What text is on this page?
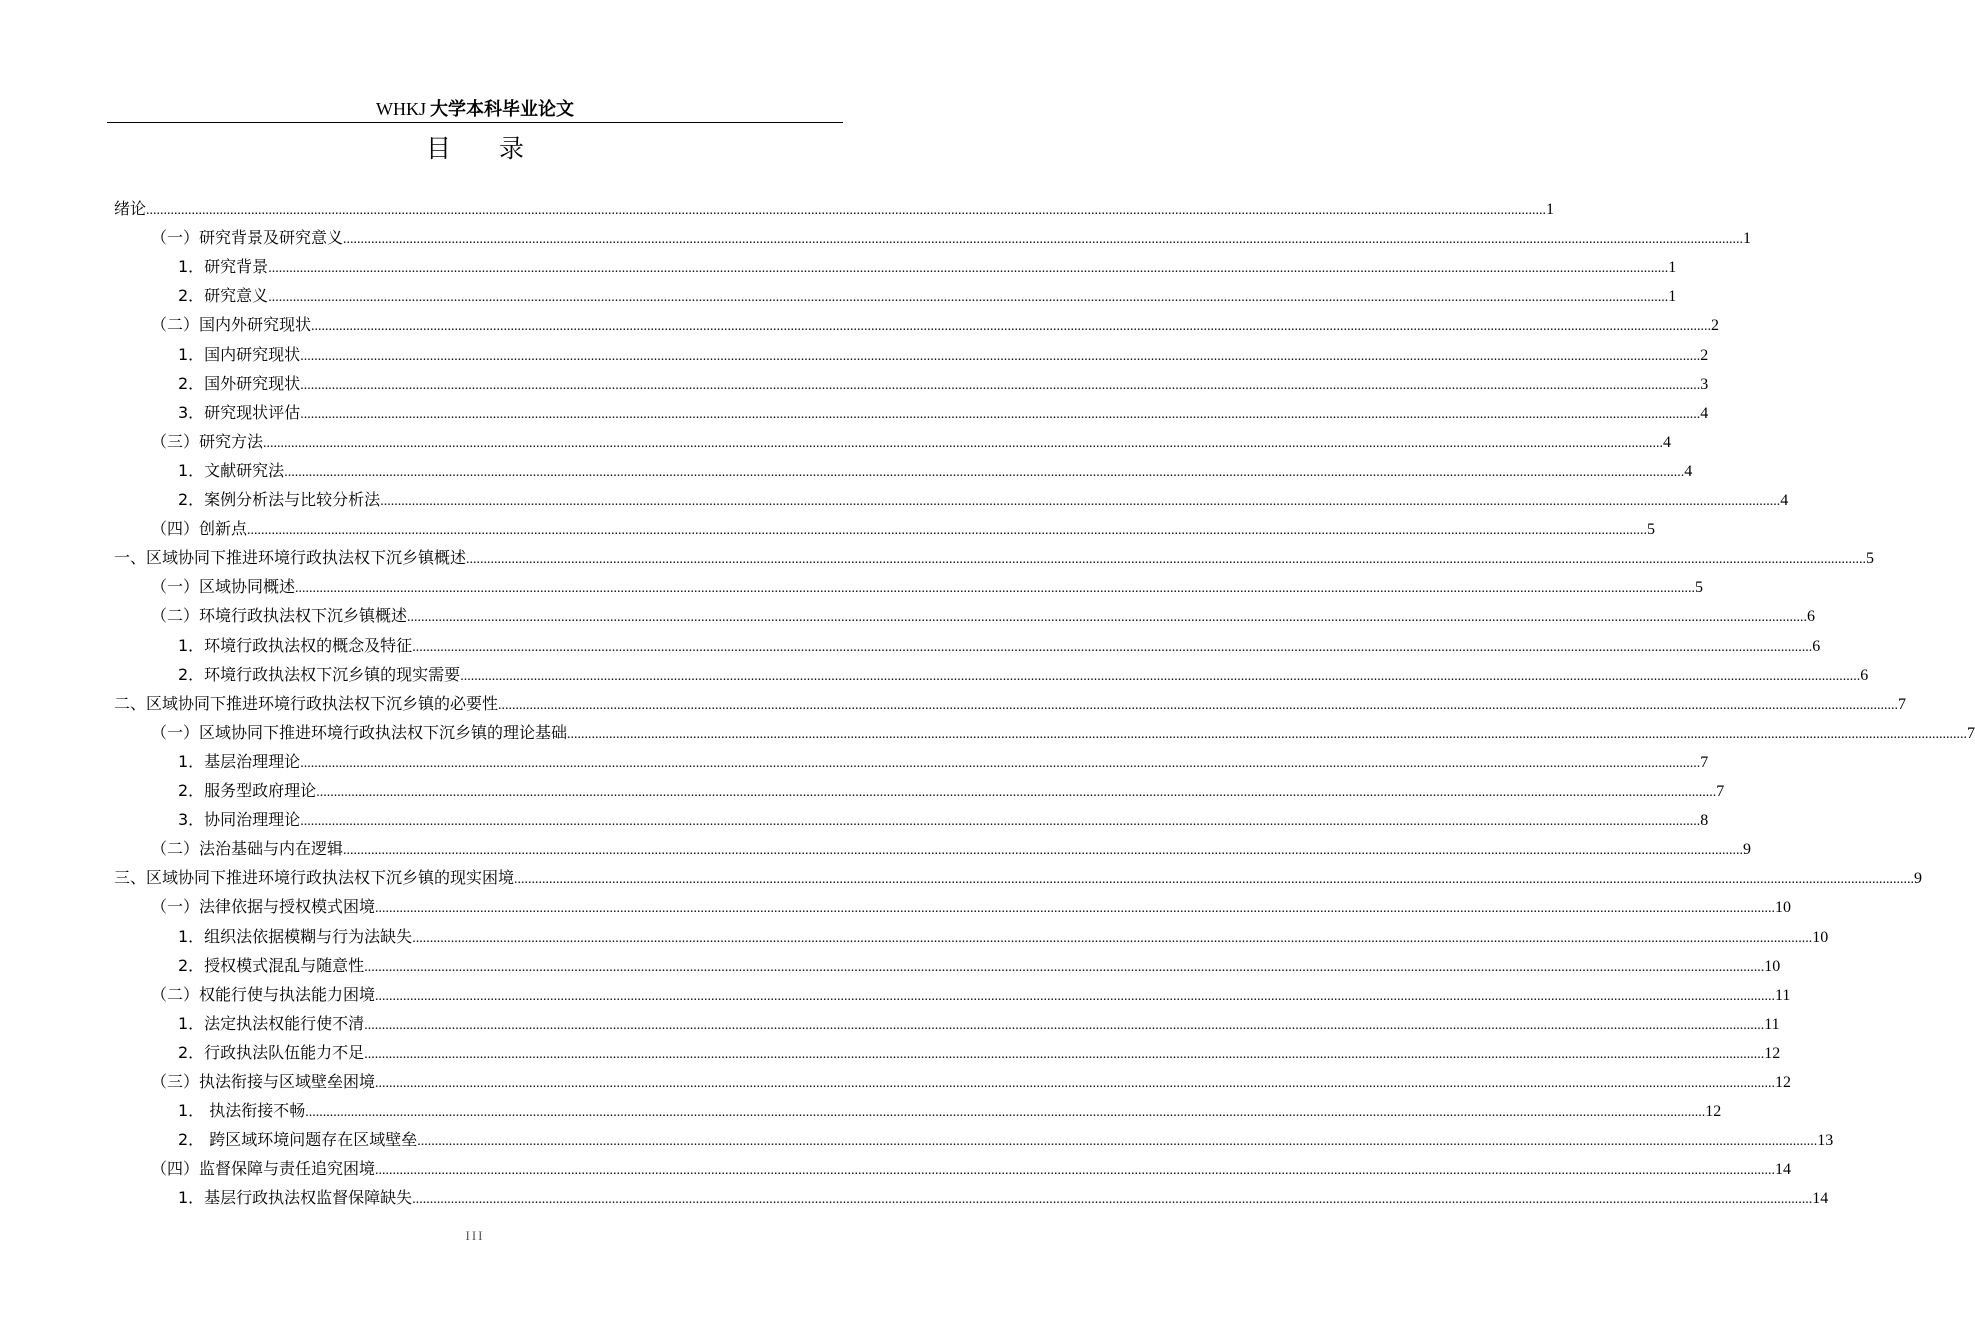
WHKJ 大学本科毕业论文
目 录
绪论 ................................................................................................................................................................................................................................................................................................................................................................................................................ 1
（一）研究背景及研究意义 ................................................................................................................................................................................................................................................................................................................................................................................................................ 1
1．研究背景 ................................................................................................................................................................................................................................................................................................................................................................................................................ 1
2．研究意义 ................................................................................................................................................................................................................................................................................................................................................................................................................ 1
（二）国内外研究现状 ................................................................................................................................................................................................................................................................................................................................................................................................................ 2
1．国内研究现状 ................................................................................................................................................................................................................................................................................................................................................................................................................ 2
2．国外研究现状 ................................................................................................................................................................................................................................................................................................................................................................................................................ 3
3．研究现状评估 ................................................................................................................................................................................................................................................................................................................................................................................................................ 4
（三）研究方法 ................................................................................................................................................................................................................................................................................................................................................................................................................ 4
1．文献研究法 ................................................................................................................................................................................................................................................................................................................................................................................................................ 4
2．案例分析法与比较分析法 ................................................................................................................................................................................................................................................................................................................................................................................................................ 4
（四）创新点 ................................................................................................................................................................................................................................................................................................................................................................................................................ 5
一、区域协同下推进环境行政执法权下沉乡镇概述 ................................................................................................................................................................................................................................................................................................................................................................................................................ 5
（一）区域协同概述 ................................................................................................................................................................................................................................................................................................................................................................................................................ 5
（二）环境行政执法权下沉乡镇概述 ................................................................................................................................................................................................................................................................................................................................................................................................................ 6
1．环境行政执法权的概念及特征 ................................................................................................................................................................................................................................................................................................................................................................................................................ 6
2．环境行政执法权下沉乡镇的现实需要 ................................................................................................................................................................................................................................................................................................................................................................................................................ 6
二、区域协同下推进环境行政执法权下沉乡镇的必要性 ................................................................................................................................................................................................................................................................................................................................................................................................................ 7
（一）区域协同下推进环境行政执法权下沉乡镇的理论基础 ................................................................................................................................................................................................................................................................................................................................................................................................................ 7
1．基层治理理论 ................................................................................................................................................................................................................................................................................................................................................................................................................ 7
2．服务型政府理论 ................................................................................................................................................................................................................................................................................................................................................................................................................ 7
3．协同治理理论 ................................................................................................................................................................................................................................................................................................................................................................................................................ 8
（二）法治基础与内在逻辑 ................................................................................................................................................................................................................................................................................................................................................................................................................ 9
三、区域协同下推进环境行政执法权下沉乡镇的现实困境 ................................................................................................................................................................................................................................................................................................................................................................................................................ 9
（一）法律依据与授权模式困境 ................................................................................................................................................................................................................................................................................................................................................................................................................ 10
1．组织法依据模糊与行为法缺失 ................................................................................................................................................................................................................................................................................................................................................................................................................ 10
2．授权模式混乱与随意性 ................................................................................................................................................................................................................................................................................................................................................................................................................ 10
（二）权能行使与执法能力困境 ................................................................................................................................................................................................................................................................................................................................................................................................................ 11
1．法定执法权能行使不清 ................................................................................................................................................................................................................................................................................................................................................................................................................ 11
2．行政执法队伍能力不足 ................................................................................................................................................................................................................................................................................................................................................................................................................ 12
（三）执法衔接与区域壁垒困境 ................................................................................................................................................................................................................................................................................................................................................................................................................ 12
1． 执法衔接不畅 ................................................................................................................................................................................................................................................................................................................................................................................................................ 12
2． 跨区域环境问题存在区域壁垒 ................................................................................................................................................................................................................................................................................................................................................................................................................ 13
（四）监督保障与责任追究困境 ................................................................................................................................................................................................................................................................................................................................................................................................................ 14
1．基层行政执法权监督保障缺失 ................................................................................................................................................................................................................................................................................................................................................................................................................ 14
III
